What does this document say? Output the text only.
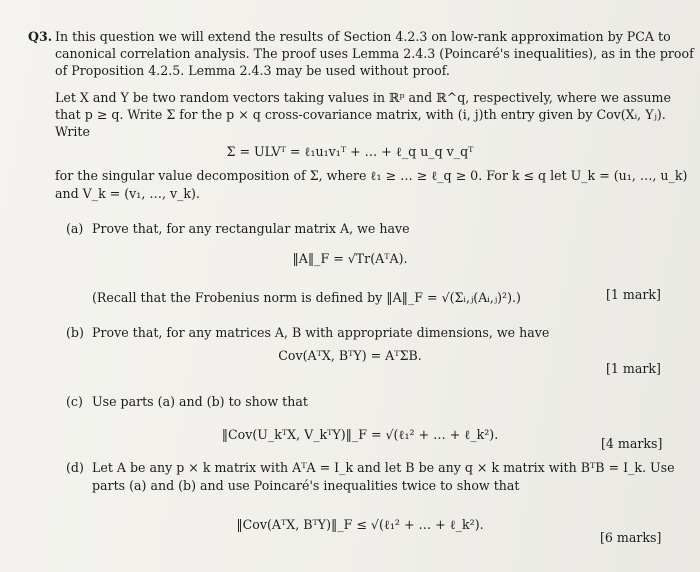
Q3. In this question we will extend the results of Section 4.2.3 on low-rank approximation by PCA to
canonical correlation analysis. The proof uses Lemma 2.4.3 (Poincaré's inequalities), as in the proof
of Proposition 4.2.5. Lemma 2.4.3 may be used without proof.
Let X and Y be two random vectors taking values in ℝᵖ and ℝ^q, respectively, where we assume
that p ≥ q. Write Σ for the p × q cross-covariance matrix, with (i, j)th entry given by Cov(Xᵢ, Yⱼ).
Write
Σ = ULVᵀ = ℓ₁u₁v₁ᵀ + … + ℓ_q u_q v_qᵀ
for the singular value decomposition of Σ, where ℓ₁ ≥ … ≥ ℓ_q ≥ 0. For k ≤ q let U_k = (u₁, …, u_k)
and V_k = (v₁, …, v_k).
(a) Prove that, for any rectangular matrix A, we have
‖A‖_F = √Tr(AᵀA).
(Recall that the Frobenius norm is defined by ‖A‖_F = √(Σᵢ,ⱼ(Aᵢ,ⱼ)²).)	[1 mark]
(b) Prove that, for any matrices A, B with appropriate dimensions, we have
Cov(AᵀX, BᵀY) = AᵀΣB.
[1 mark]
(c) Use parts (a) and (b) to show that
‖Cov(U_kᵀX, V_kᵀY)‖_F = √(ℓ₁² + … + ℓ_k²).
[4 marks]
(d) Let A be any p × k matrix with AᵀA = I_k and let B be any q × k matrix with BᵀB = I_k. Use
parts (a) and (b) and use Poincaré's inequalities twice to show that
‖Cov(AᵀX, BᵀY)‖_F ≤ √(ℓ₁² + … + ℓ_k²).
[6 marks]
